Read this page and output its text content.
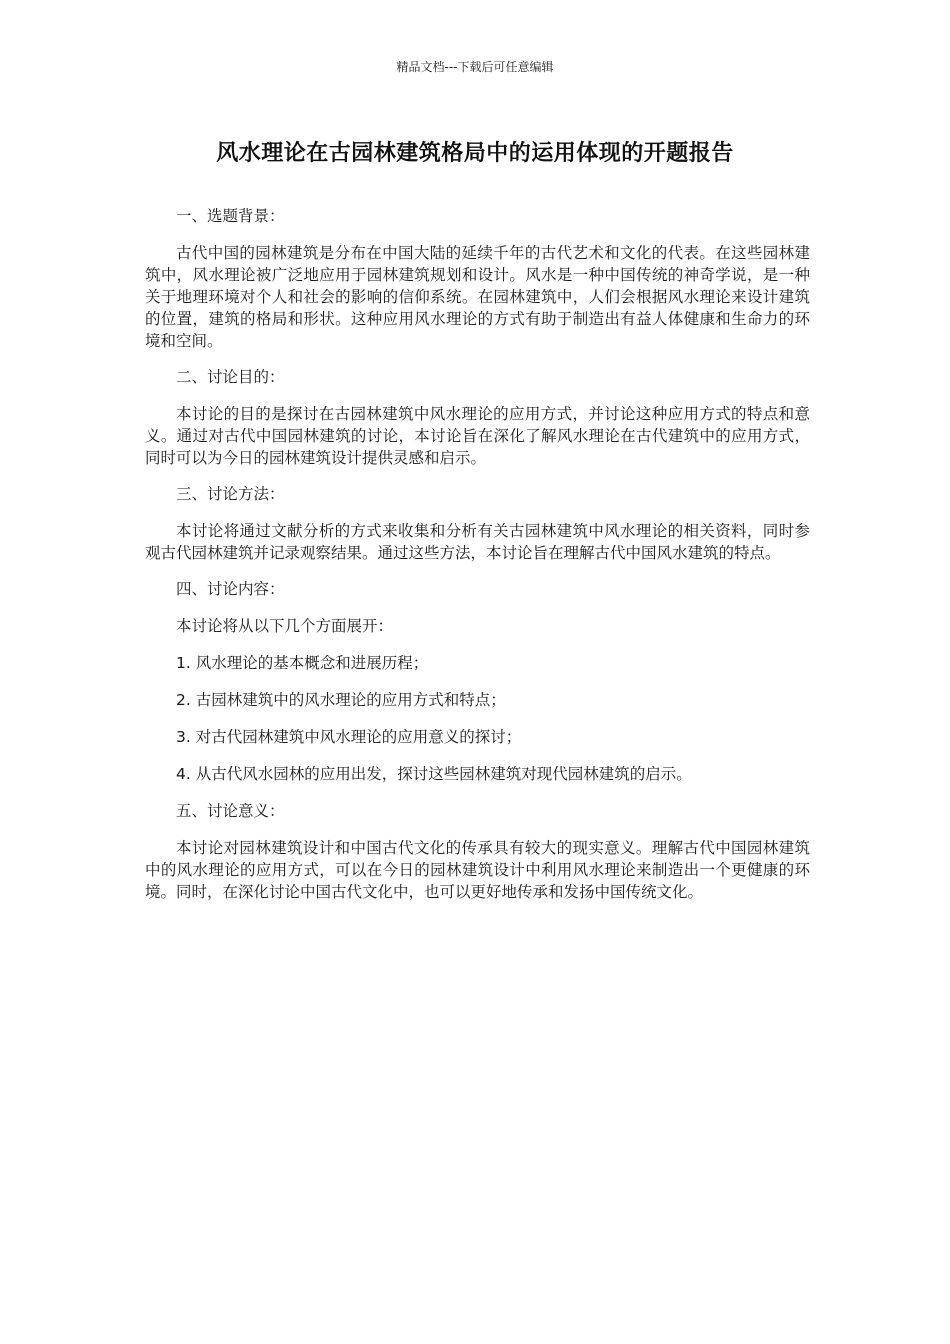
精品文档---下载后可任意编辑
风水理论在古园林建筑格局中的运用体现的开题报告

一、选题背景：

古代中国的园林建筑是分布在中国大陆的延续千年的古代艺术和文化的代表。在这些园林建筑中，风水理论被广泛地应用于园林建筑规划和设计。风水是一种中国传统的神奇学说，是一种关于地理环境对个人和社会的影响的信仰系统。在园林建筑中，人们会根据风水理论来设计建筑的位置，建筑的格局和形状。这种应用风水理论的方式有助于制造出有益人体健康和生命力的环境和空间。

二、讨论目的：

本讨论的目的是探讨在古园林建筑中风水理论的应用方式，并讨论这种应用方式的特点和意义。通过对古代中国园林建筑的讨论，本讨论旨在深化了解风水理论在古代建筑中的应用方式，同时可以为今日的园林建筑设计提供灵感和启示。

三、讨论方法：

本讨论将通过文献分析的方式来收集和分析有关古园林建筑中风水理论的相关资料，同时参观古代园林建筑并记录观察结果。通过这些方法，本讨论旨在理解古代中国风水建筑的特点。

四、讨论内容：

本讨论将从以下几个方面展开：

1. 风水理论的基本概念和进展历程；

2. 古园林建筑中的风水理论的应用方式和特点；

3. 对古代园林建筑中风水理论的应用意义的探讨；

4. 从古代风水园林的应用出发，探讨这些园林建筑对现代园林建筑的启示。

五、讨论意义：

本讨论对园林建筑设计和中国古代文化的传承具有较大的现实意义。理解古代中国园林建筑中的风水理论的应用方式，可以在今日的园林建筑设计中利用风水理论来制造出一个更健康的环境。同时，在深化讨论中国古代文化中，也可以更好地传承和发扬中国传统文化。
